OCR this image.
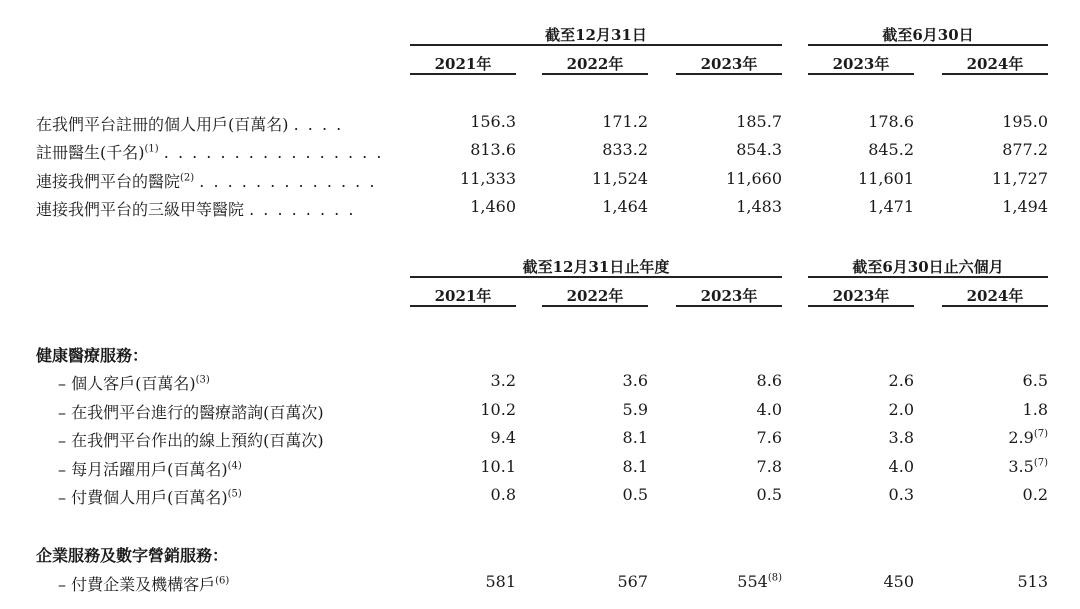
截至12月31日	截至6月30日
2021年	2022年	2023年	2023年	2024年
在我們平台註冊的個人用戶(百萬名) . . . .	156.3	171.2	185.7	178.6	195.0
註冊醫生(千名)$^{(1)}$ . . . . . . . . . . . . . . . .	813.6	833.2	854.3	845.2	877.2
連接我們平台的醫院$^{(2)}$ . . . . . . . . . . . . .	11,333	11,524	11,660	11,601	11,727
連接我們平台的三級甲等醫院 . . . . . . . .	1,460	1,464	1,483	1,471	1,494
截至12月31日止年度	截至6月30日止六個月
2021年	2022年	2023年	2023年	2024年
健康醫療服務：
– 個人客戶(百萬名)$^{(3)}$	3.2	3.6	8.6	2.6	6.5
– 在我們平台進行的醫療諮詢(百萬次)	10.2	5.9	4.0	2.0	1.8
– 在我們平台作出的線上預約(百萬次)	9.4	8.1	7.6	3.8	2.9$^{(7)}$
– 每月活躍用戶(百萬名)$^{(4)}$	10.1	8.1	7.8	4.0	3.5$^{(7)}$
– 付費個人用戶(百萬名)$^{(5)}$	0.8	0.5	0.5	0.3	0.2
企業服務及數字營銷服務：
– 付費企業及機構客戶$^{(6)}$	581	567	554$^{(8)}$	450	513
